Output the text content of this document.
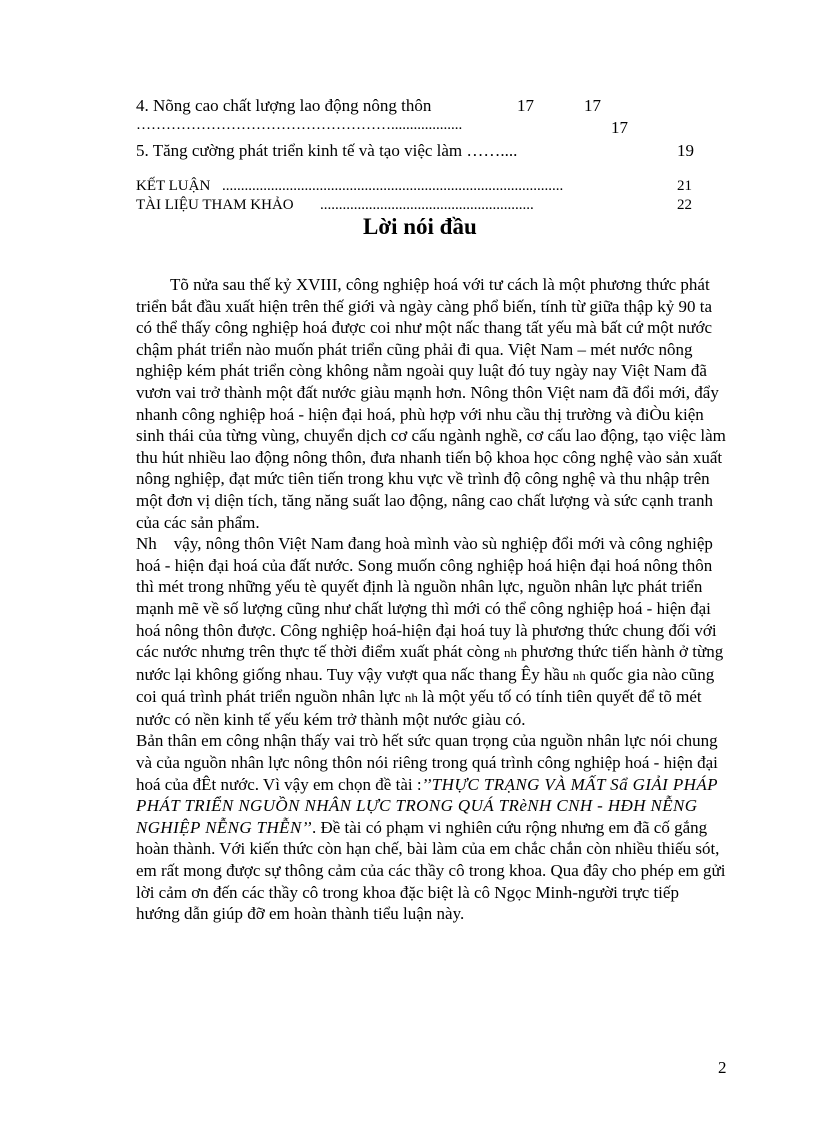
4. Nõng cao chất lượng lao động nông thôn	17	17
……………………………………………...................	17
5. Tăng cường phát triển kinh tế và tạo việc làm ……....	19
KẾT LUẬN ...........................................................................................	21
TÀI LIỆU THAM KHẢO .........................................................	22
Lời nói đầu

Tõ nửa sau thế kỷ XVIII, công nghiệp hoá với tư cách là một phương thức phát triển bắt đầu xuất hiện trên thế giới và ngày càng phổ biến, tính từ giữa thập kỷ 90 ta có thể thấy công nghiệp hoá được coi như một nấc thang tất yếu mà bất cứ một nước chậm phát triển nào muốn phát triển cũng phải đi qua. Việt Nam – mét nước nông nghiệp kém phát triển còng không nằm ngoài quy luật đó tuy ngày nay Việt Nam đã vươn vai trở thành một đất nước giàu mạnh hơn. Nông thôn Việt nam đã đổi mới, đẩy nhanh công nghiệp hoá - hiện đại hoá, phù hợp với nhu cầu thị trường và điÒu kiện sinh thái của từng vùng, chuyển dịch cơ cấu ngành nghề, cơ cấu lao động, tạo việc làm thu hút nhiều lao động nông thôn, đưa nhanh tiến bộ khoa học công nghệ vào sản xuất nông nghiệp, đạt mức tiên tiến trong khu vực về trình độ công nghệ và thu nhập trên một đơn vị diện tích, tăng năng suất lao động, nâng cao chất lượng và sức cạnh tranh của các sản phẩm.

Nh vậy, nông thôn Việt Nam đang hoà mình vào sù nghiệp đổi mới và công nghiệp hoá - hiện đại hoá của đất nước. Song muốn công nghiệp hoá hiện đại hoá nông thôn thì mét trong những yếu tè quyết định là nguồn nhân lực, nguồn nhân lực phát triển mạnh mẽ về số lượng cũng như chất lượng thì mới có thể công nghiệp hoá - hiện đại hoá nông thôn được. Công nghiệp hoá-hiện đại hoá tuy là phương thức chung đối với các nước nhưng trên thực tế thời điểm xuất phát còng nh phương thức tiến hành ở từng nước lại không giống nhau. Tuy vậy vượt qua nấc thang Êy hầu nh quốc gia nào cũng coi quá trình phát triển nguồn nhân lực nh là một yếu tố có tính tiên quyết để tõ mét nước có nền kinh tế yếu kém trở thành một nước giàu có.

Bản thân em công nhận thấy vai trò hết sức quan trọng của nguồn nhân lực nói chung và của nguồn nhân lực nông thôn nói riêng trong quá trình công nghiệp hoá - hiện đại hoá của đÊt nước. Vì vậy em chọn đề tài :’’THỰC TRẠNG VÀ MẤT Sẩ GIẢI PHÁP PHÁT TRIỂN NGUỒN NHÂN LỰC TRONG QUÁ TRèNH CNH - HĐH NỄNG NGHIỆP NỄNG THỄN’’. Đề tài có phạm vi nghiên cứu rộng nhưng em đã cố gắng hoàn thành. Với kiến thức còn hạn chế, bài làm của em chắc chắn còn nhiều thiếu sót, em rất mong được sự thông cảm của các thầy cô trong khoa. Qua đây cho phép em gửi lời cảm ơn đến các thầy cô trong khoa đặc biệt là cô Ngọc Minh-người trực tiếp hướng dẫn giúp đỡ em hoàn thành tiểu luận này.

2
